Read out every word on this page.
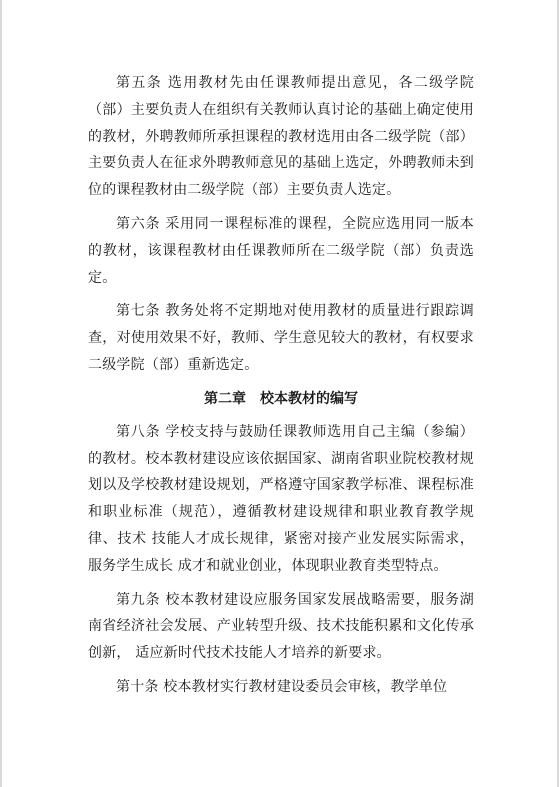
第五条 选用教材先由任课教师提出意见，各二级学院（部）主要负责人在组织有关教师认真讨论的基础上确定使用的教材，外聘教师所承担课程的教材选用由各二级学院（部）主要负责人在征求外聘教师意见的基础上选定，外聘教师未到位的课程教材由二级学院（部）主要负责人选定。

第六条 采用同一课程标准的课程，全院应选用同一版本的教材，该课程教材由任课教师所在二级学院（部）负责选定。

第七条 教务处将不定期地对使用教材的质量进行跟踪调查，对使用效果不好，教师、学生意见较大的教材，有权要求二级学院（部）重新选定。

第二章　校本教材的编写

第八条 学校支持与鼓励任课教师选用自己主编（参编）的教材。校本教材建设应该依据国家、湖南省职业院校教材规划以及学校教材建设规划，严格遵守国家教学标准、课程标准和职业标准（规范），遵循教材建设规律和职业教育教学规律、技术 技能人才成长规律，紧密对接产业发展实际需求，服务学生成长 成才和就业创业，体现职业教育类型特点。

第九条 校本教材建设应服务国家发展战略需要，服务湖南省经济社会发展、产业转型升级、技术技能积累和文化传承创新， 适应新时代技术技能人才培养的新要求。

第十条 校本教材实行教材建设委员会审核，教学单位
